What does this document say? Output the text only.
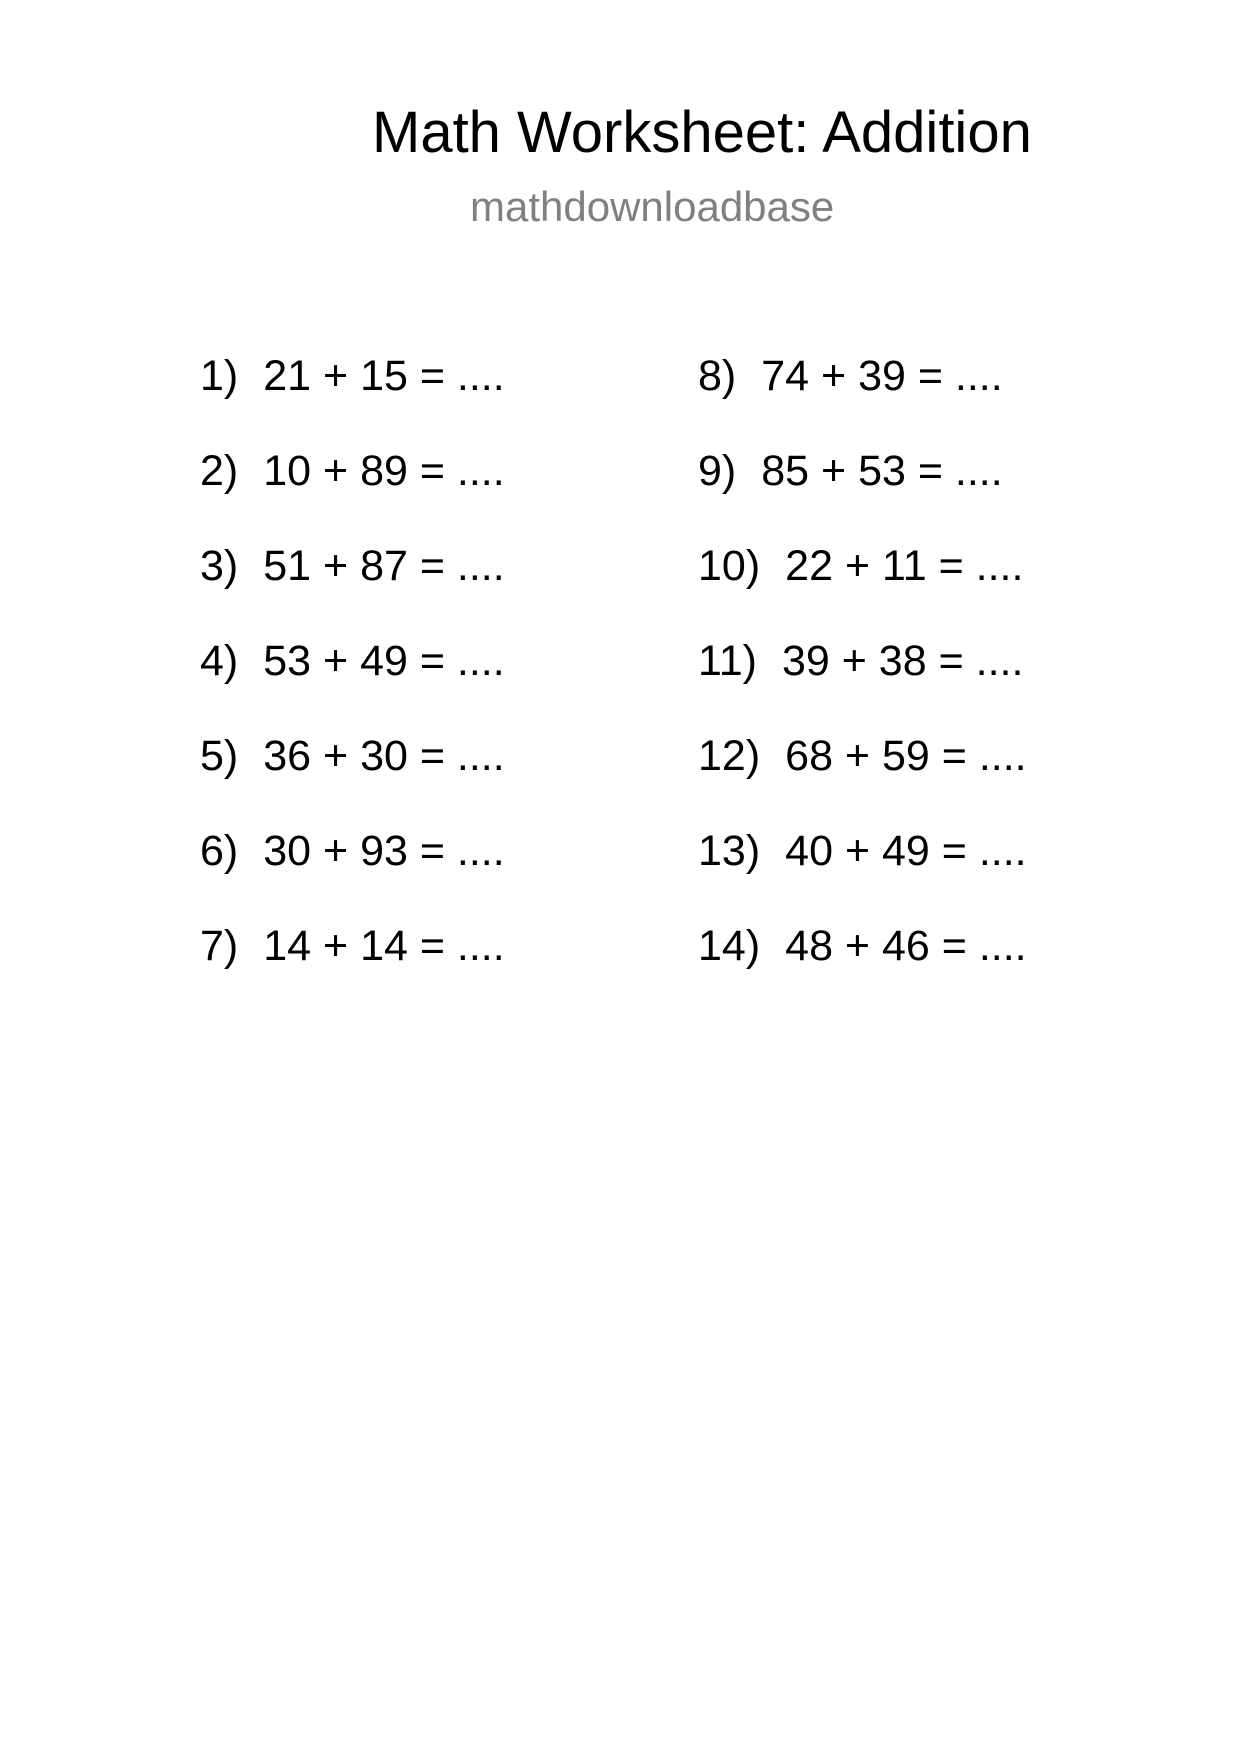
Math Worksheet: Addition
mathdownloadbase
1) 21 + 15 = ....
2) 10 + 89 = ....
3) 51 + 87 = ....
4) 53 + 49 = ....
5) 36 + 30 = ....
6) 30 + 93 = ....
7) 14 + 14 = ....
8) 74 + 39 = ....
9) 85 + 53 = ....
10) 22 + 11 = ....
11) 39 + 38 = ....
12) 68 + 59 = ....
13) 40 + 49 = ....
14) 48 + 46 = ....
